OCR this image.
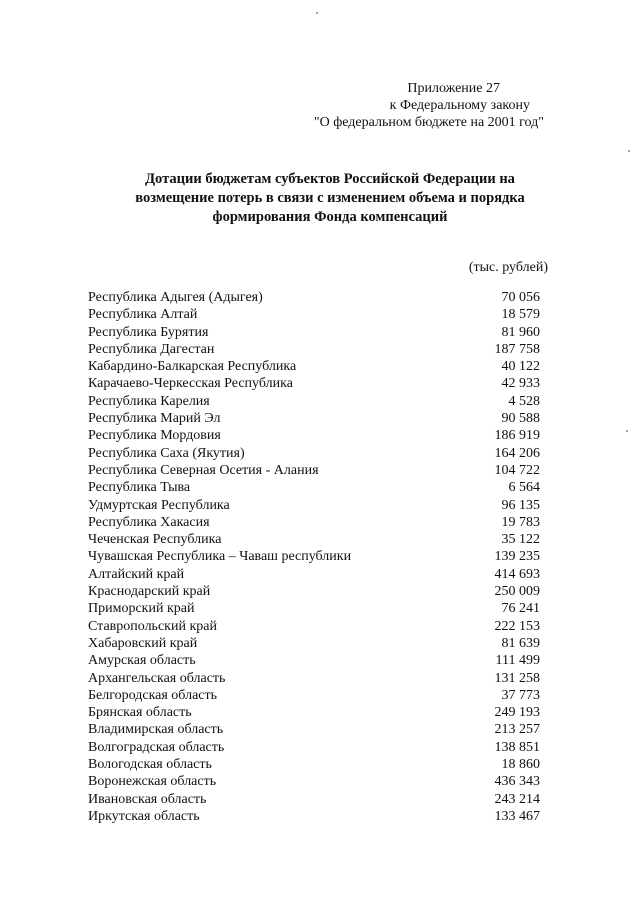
Приложение 27
к Федеральному закону
"О федеральном бюджете на 2001 год"
Дотации бюджетам субъектов Российской Федерации на
возмещение потерь в связи с изменением объема и порядка
формирования Фонда компенсаций
(тыс. рублей)
Республика Адыгея (Адыгея)	70 056
Республика Алтай	18 579
Республика Бурятия	81 960
Республика Дагестан	187 758
Кабардино-Балкарская Республика	40 122
Карачаево-Черкесская Республика	42 933
Республика Карелия	4 528
Республика Марий Эл	90 588
Республика Мордовия	186 919
Республика Саха (Якутия)	164 206
Республика Северная Осетия - Алания	104 722
Республика Тыва	6 564
Удмуртская Республика	96 135
Республика Хакасия	19 783
Чеченская Республика	35 122
Чувашская Республика – Чаваш республики	139 235
Алтайский край	414 693
Краснодарский край	250 009
Приморский край	76 241
Ставропольский край	222 153
Хабаровский край	81 639
Амурская область	111 499
Архангельская область	131 258
Белгородская область	37 773
Брянская область	249 193
Владимирская область	213 257
Волгоградская область	138 851
Вологодская область	18 860
Воронежская область	436 343
Ивановская область	243 214
Иркутская область	133 467
